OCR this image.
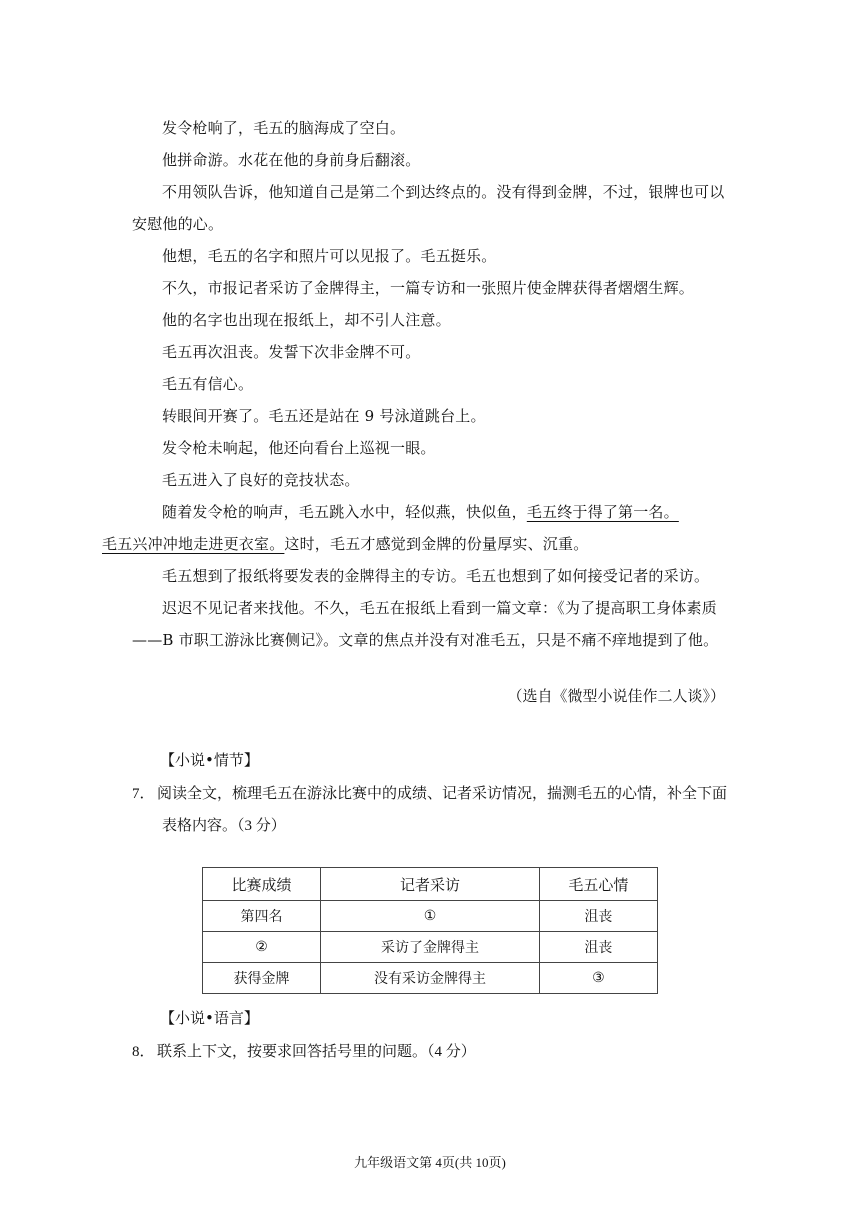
发令枪响了，毛五的脑海成了空白。

他拼命游。水花在他的身前身后翻滚。

不用领队告诉，他知道自己是第二个到达终点的。没有得到金牌，不过，银牌也可以安慰他的心。

他想，毛五的名字和照片可以见报了。毛五挺乐。

不久，市报记者采访了金牌得主，一篇专访和一张照片使金牌获得者熠熠生辉。

他的名字也出现在报纸上，却不引人注意。

毛五再次沮丧。发誓下次非金牌不可。

毛五有信心。

转眼间开赛了。毛五还是站在 9 号泳道跳台上。

发令枪未响起，他还向看台上巡视一眼。

毛五进入了良好的竞技状态。

随着发令枪的响声，毛五跳入水中，轻似燕，快似鱼，毛五终于得了第一名。
毛五兴冲冲地走进更衣室。这时，毛五才感觉到金牌的份量厚实、沉重。

毛五想到了报纸将要发表的金牌得主的专访。毛五也想到了如何接受记者的采访。

迟迟不见记者来找他。不久，毛五在报纸上看到一篇文章：《为了提高职工身体素质——B 市职工游泳比赛侧记》。文章的焦点并没有对准毛五，只是不痛不痒地提到了他。

（选自《微型小说佳作二人谈》）
【小说•情节】
7． 阅读全文，梳理毛五在游泳比赛中的成绩、记者采访情况，揣测毛五的心情，补全下面
表格内容。（3 分）
比赛成绩	记者采访	毛五心情
第四名	①	沮丧
②	采访了金牌得主	沮丧
获得金牌	没有采访金牌得主	③
【小说•语言】
8． 联系上下文，按要求回答括号里的问题。（4 分）
九年级语文第 4页(共 10页)
